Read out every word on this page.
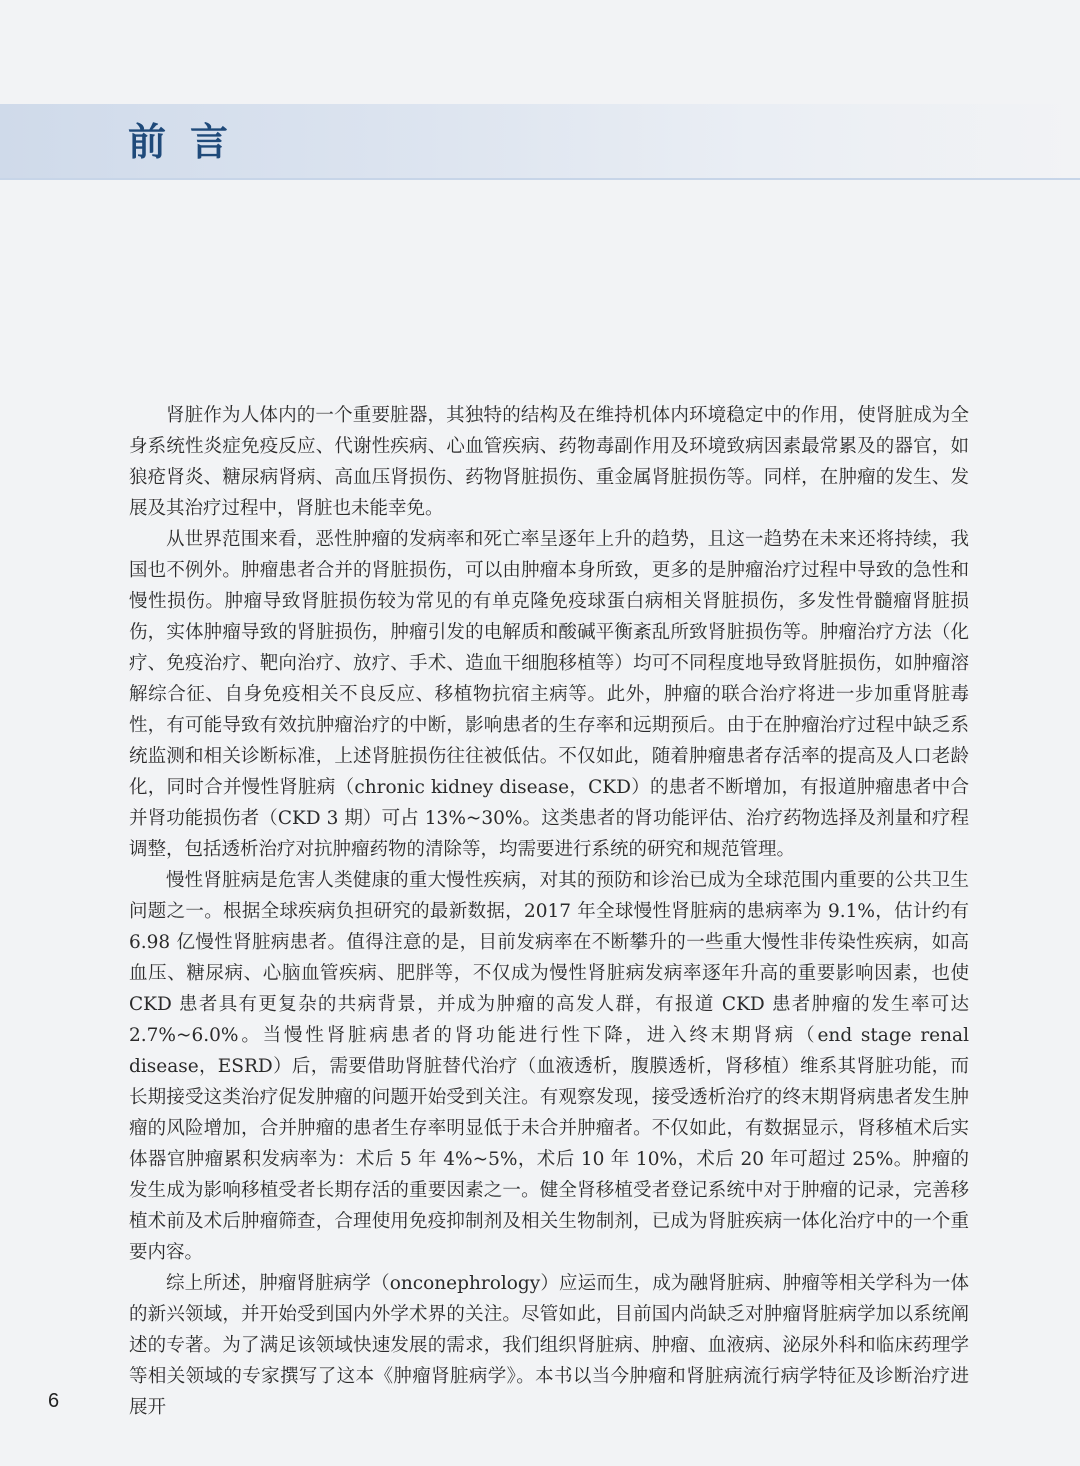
前言

肾脏作为人体内的一个重要脏器，其独特的结构及在维持机体内环境稳定中的作用，使肾脏成为全身系统性炎症免疫反应、代谢性疾病、心血管疾病、药物毒副作用及环境致病因素最常累及的器官，如狼疮肾炎、糖尿病肾病、高血压肾损伤、药物肾脏损伤、重金属肾脏损伤等。同样，在肿瘤的发生、发展及其治疗过程中，肾脏也未能幸免。

从世界范围来看，恶性肿瘤的发病率和死亡率呈逐年上升的趋势，且这一趋势在未来还将持续，我国也不例外。肿瘤患者合并的肾脏损伤，可以由肿瘤本身所致，更多的是肿瘤治疗过程中导致的急性和慢性损伤。肿瘤导致肾脏损伤较为常见的有单克隆免疫球蛋白病相关肾脏损伤，多发性骨髓瘤肾脏损伤，实体肿瘤导致的肾脏损伤，肿瘤引发的电解质和酸碱平衡紊乱所致肾脏损伤等。肿瘤治疗方法（化疗、免疫治疗、靶向治疗、放疗、手术、造血干细胞移植等）均可不同程度地导致肾脏损伤，如肿瘤溶解综合征、自身免疫相关不良反应、移植物抗宿主病等。此外，肿瘤的联合治疗将进一步加重肾脏毒性，有可能导致有效抗肿瘤治疗的中断，影响患者的生存率和远期预后。由于在肿瘤治疗过程中缺乏系统监测和相关诊断标准，上述肾脏损伤往往被低估。不仅如此，随着肿瘤患者存活率的提高及人口老龄化，同时合并慢性肾脏病（chronic kidney disease，CKD）的患者不断增加，有报道肿瘤患者中合并肾功能损伤者（CKD 3 期）可占 13%~30%。这类患者的肾功能评估、治疗药物选择及剂量和疗程调整，包括透析治疗对抗肿瘤药物的清除等，均需要进行系统的研究和规范管理。

慢性肾脏病是危害人类健康的重大慢性疾病，对其的预防和诊治已成为全球范围内重要的公共卫生问题之一。根据全球疾病负担研究的最新数据，2017 年全球慢性肾脏病的患病率为 9.1%，估计约有 6.98 亿慢性肾脏病患者。值得注意的是，目前发病率在不断攀升的一些重大慢性非传染性疾病，如高血压、糖尿病、心脑血管疾病、肥胖等，不仅成为慢性肾脏病发病率逐年升高的重要影响因素，也使 CKD 患者具有更复杂的共病背景，并成为肿瘤的高发人群，有报道 CKD 患者肿瘤的发生率可达 2.7%~6.0%。当慢性肾脏病患者的肾功能进行性下降，进入终末期肾病（end stage renal disease，ESRD）后，需要借助肾脏替代治疗（血液透析，腹膜透析，肾移植）维系其肾脏功能，而长期接受这类治疗促发肿瘤的问题开始受到关注。有观察发现，接受透析治疗的终末期肾病患者发生肿瘤的风险增加，合并肿瘤的患者生存率明显低于未合并肿瘤者。不仅如此，有数据显示，肾移植术后实体器官肿瘤累积发病率为：术后 5 年 4%~5%，术后 10 年 10%，术后 20 年可超过 25%。肿瘤的发生成为影响移植受者长期存活的重要因素之一。健全肾移植受者登记系统中对于肿瘤的记录，完善移植术前及术后肿瘤筛查，合理使用免疫抑制剂及相关生物制剂，已成为肾脏疾病一体化治疗中的一个重要内容。

综上所述，肿瘤肾脏病学（onconephrology）应运而生，成为融肾脏病、肿瘤等相关学科为一体的新兴领域，并开始受到国内外学术界的关注。尽管如此，目前国内尚缺乏对肿瘤肾脏病学加以系统阐述的专著。为了满足该领域快速发展的需求，我们组织肾脏病、肿瘤、血液病、泌尿外科和临床药理学等相关领域的专家撰写了这本《肿瘤肾脏病学》。本书以当今肿瘤和肾脏病流行病学特征及诊断治疗进展开

6
